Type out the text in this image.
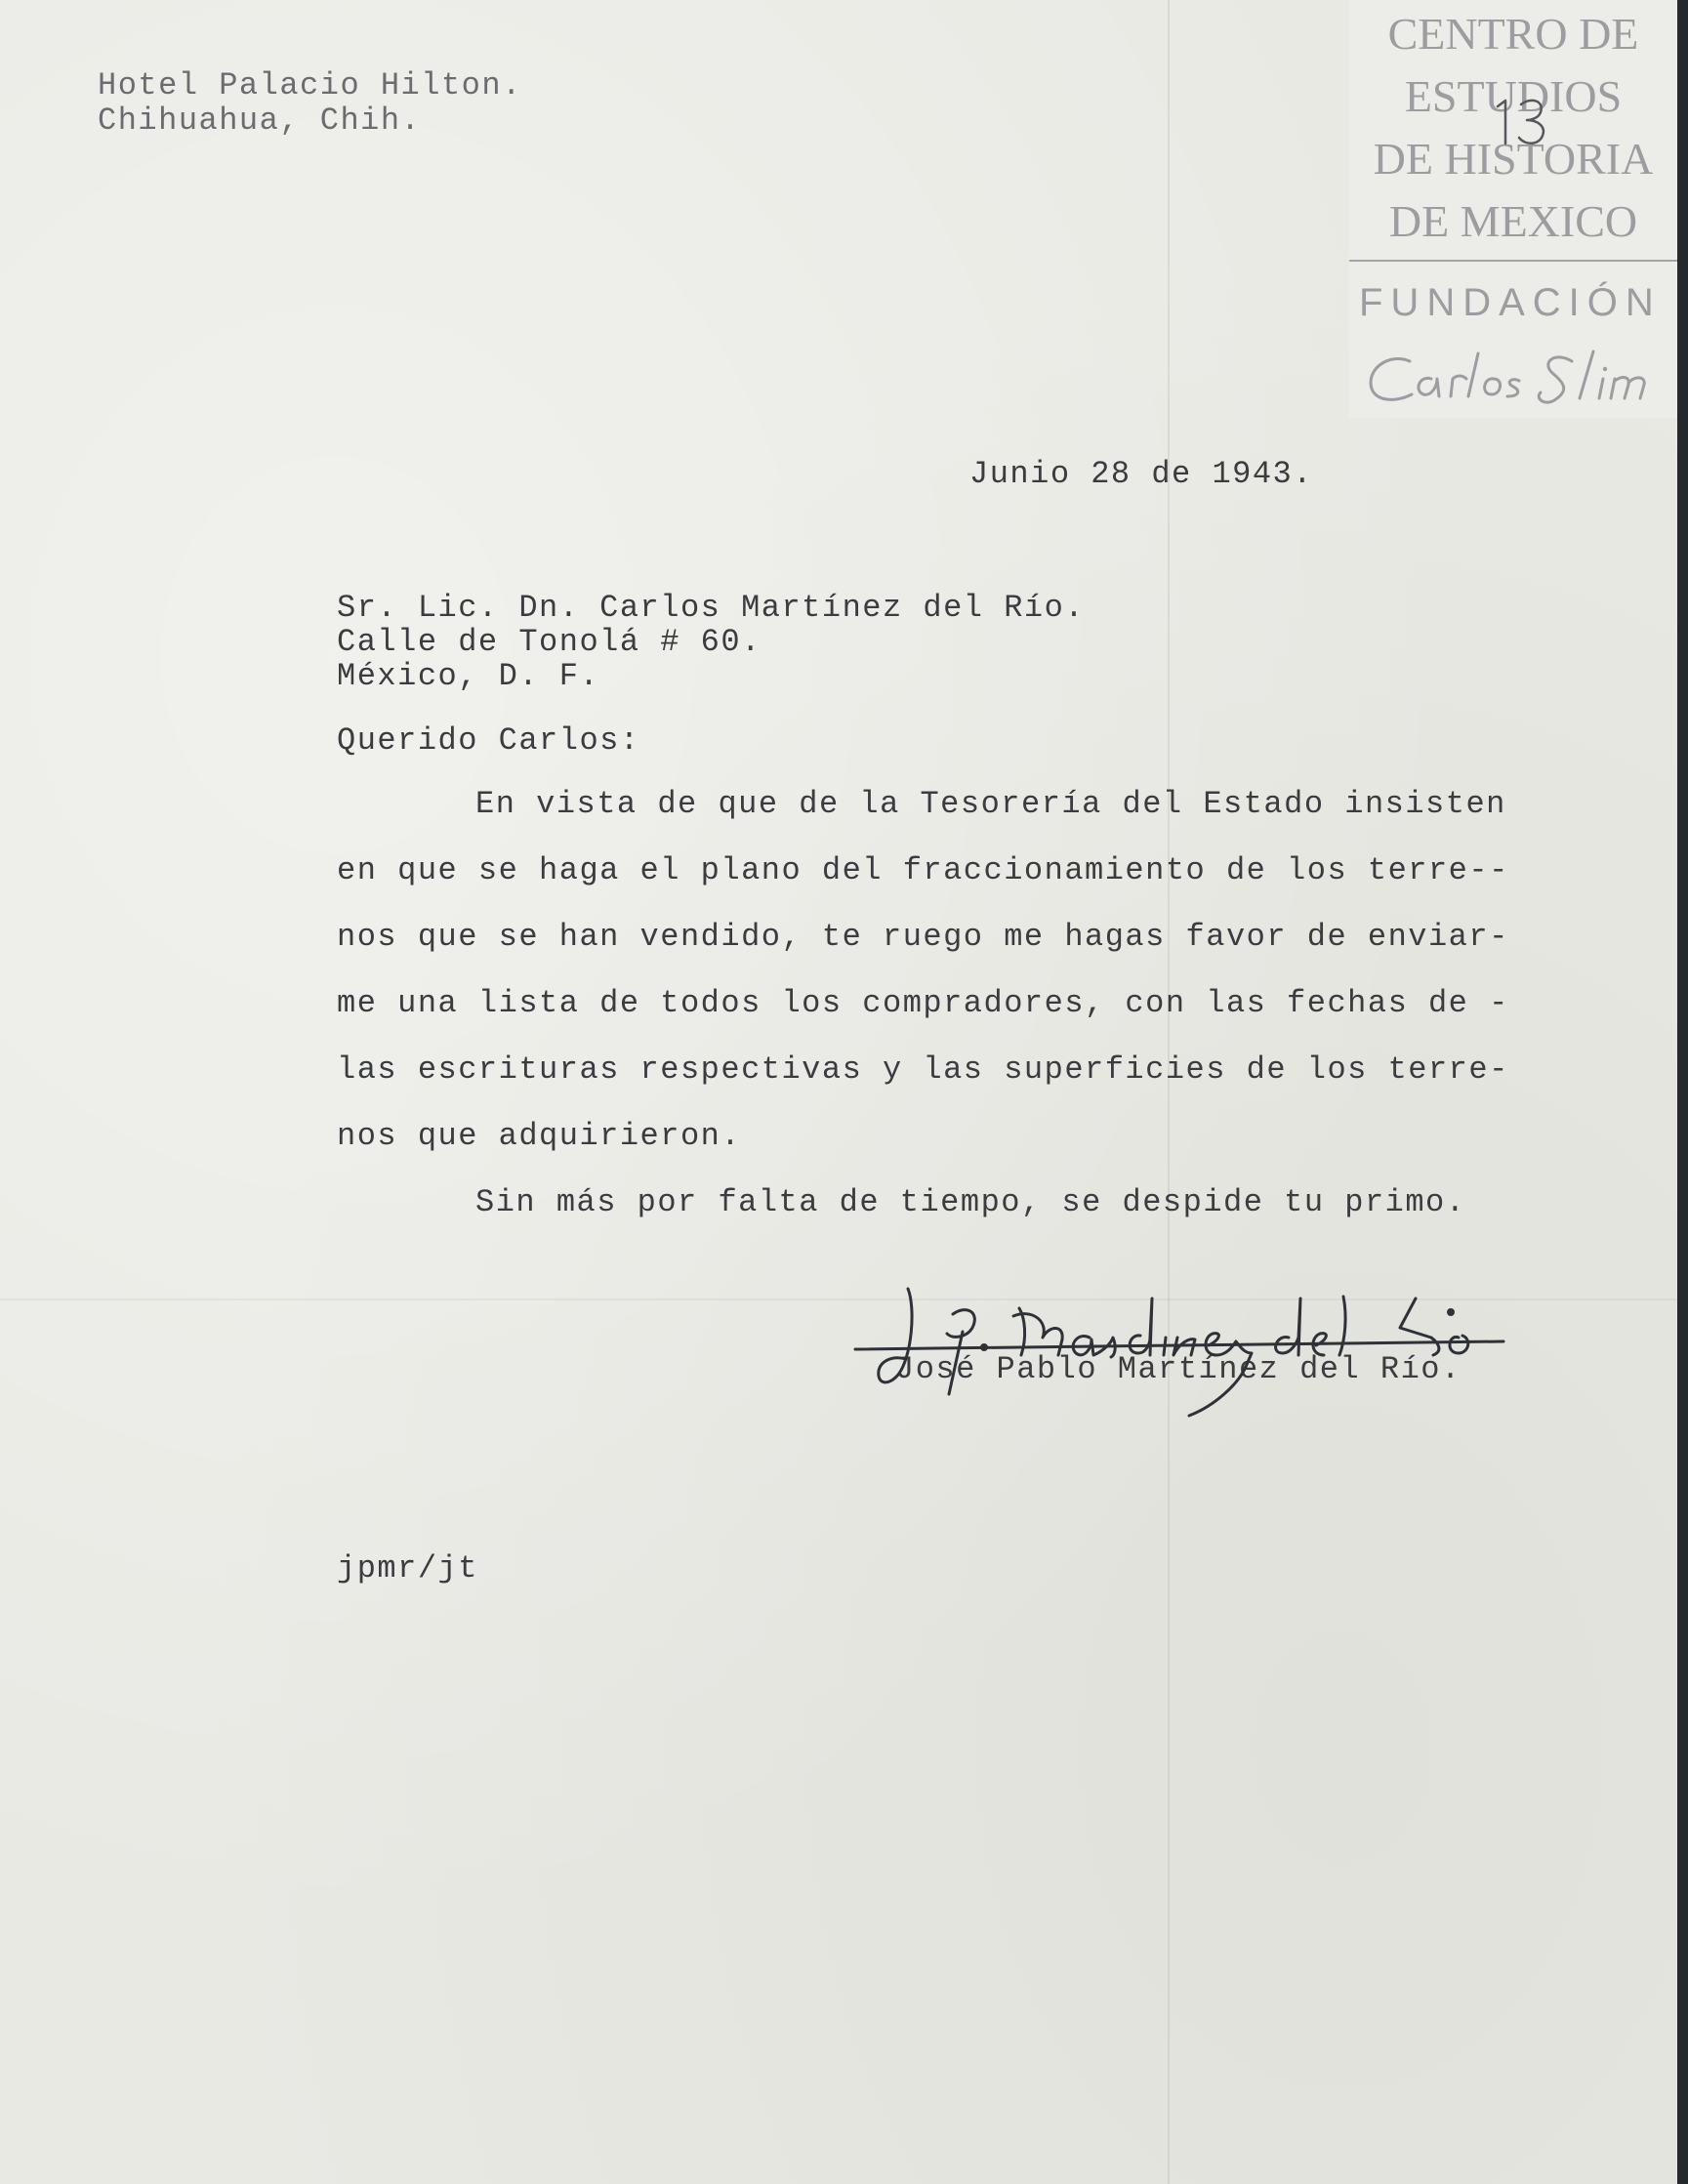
Hotel Palacio Hilton.
Chihuahua, Chih.
CENTRO DE
ESTUDIOS
DE HISTORIA
DE MEXICO
FUNDACIÓN
Junio 28 de 1943.
Sr. Lic. Dn. Carlos Martínez del Río.
Calle de Tonolá # 60.
México, D. F.
Querido Carlos:
En vista de que de la Tesorería del Estado insisten
en que se haga el plano del fraccionamiento de los terre--
nos que se han vendido, te ruego me hagas favor de enviar-
me una lista de todos los compradores, con las fechas de -
las escrituras respectivas y las superficies de los terre-
nos que adquirieron.
Sin más por falta de tiempo, se despide tu primo.
José Pablo Martínez del Río.
jpmr/jt
